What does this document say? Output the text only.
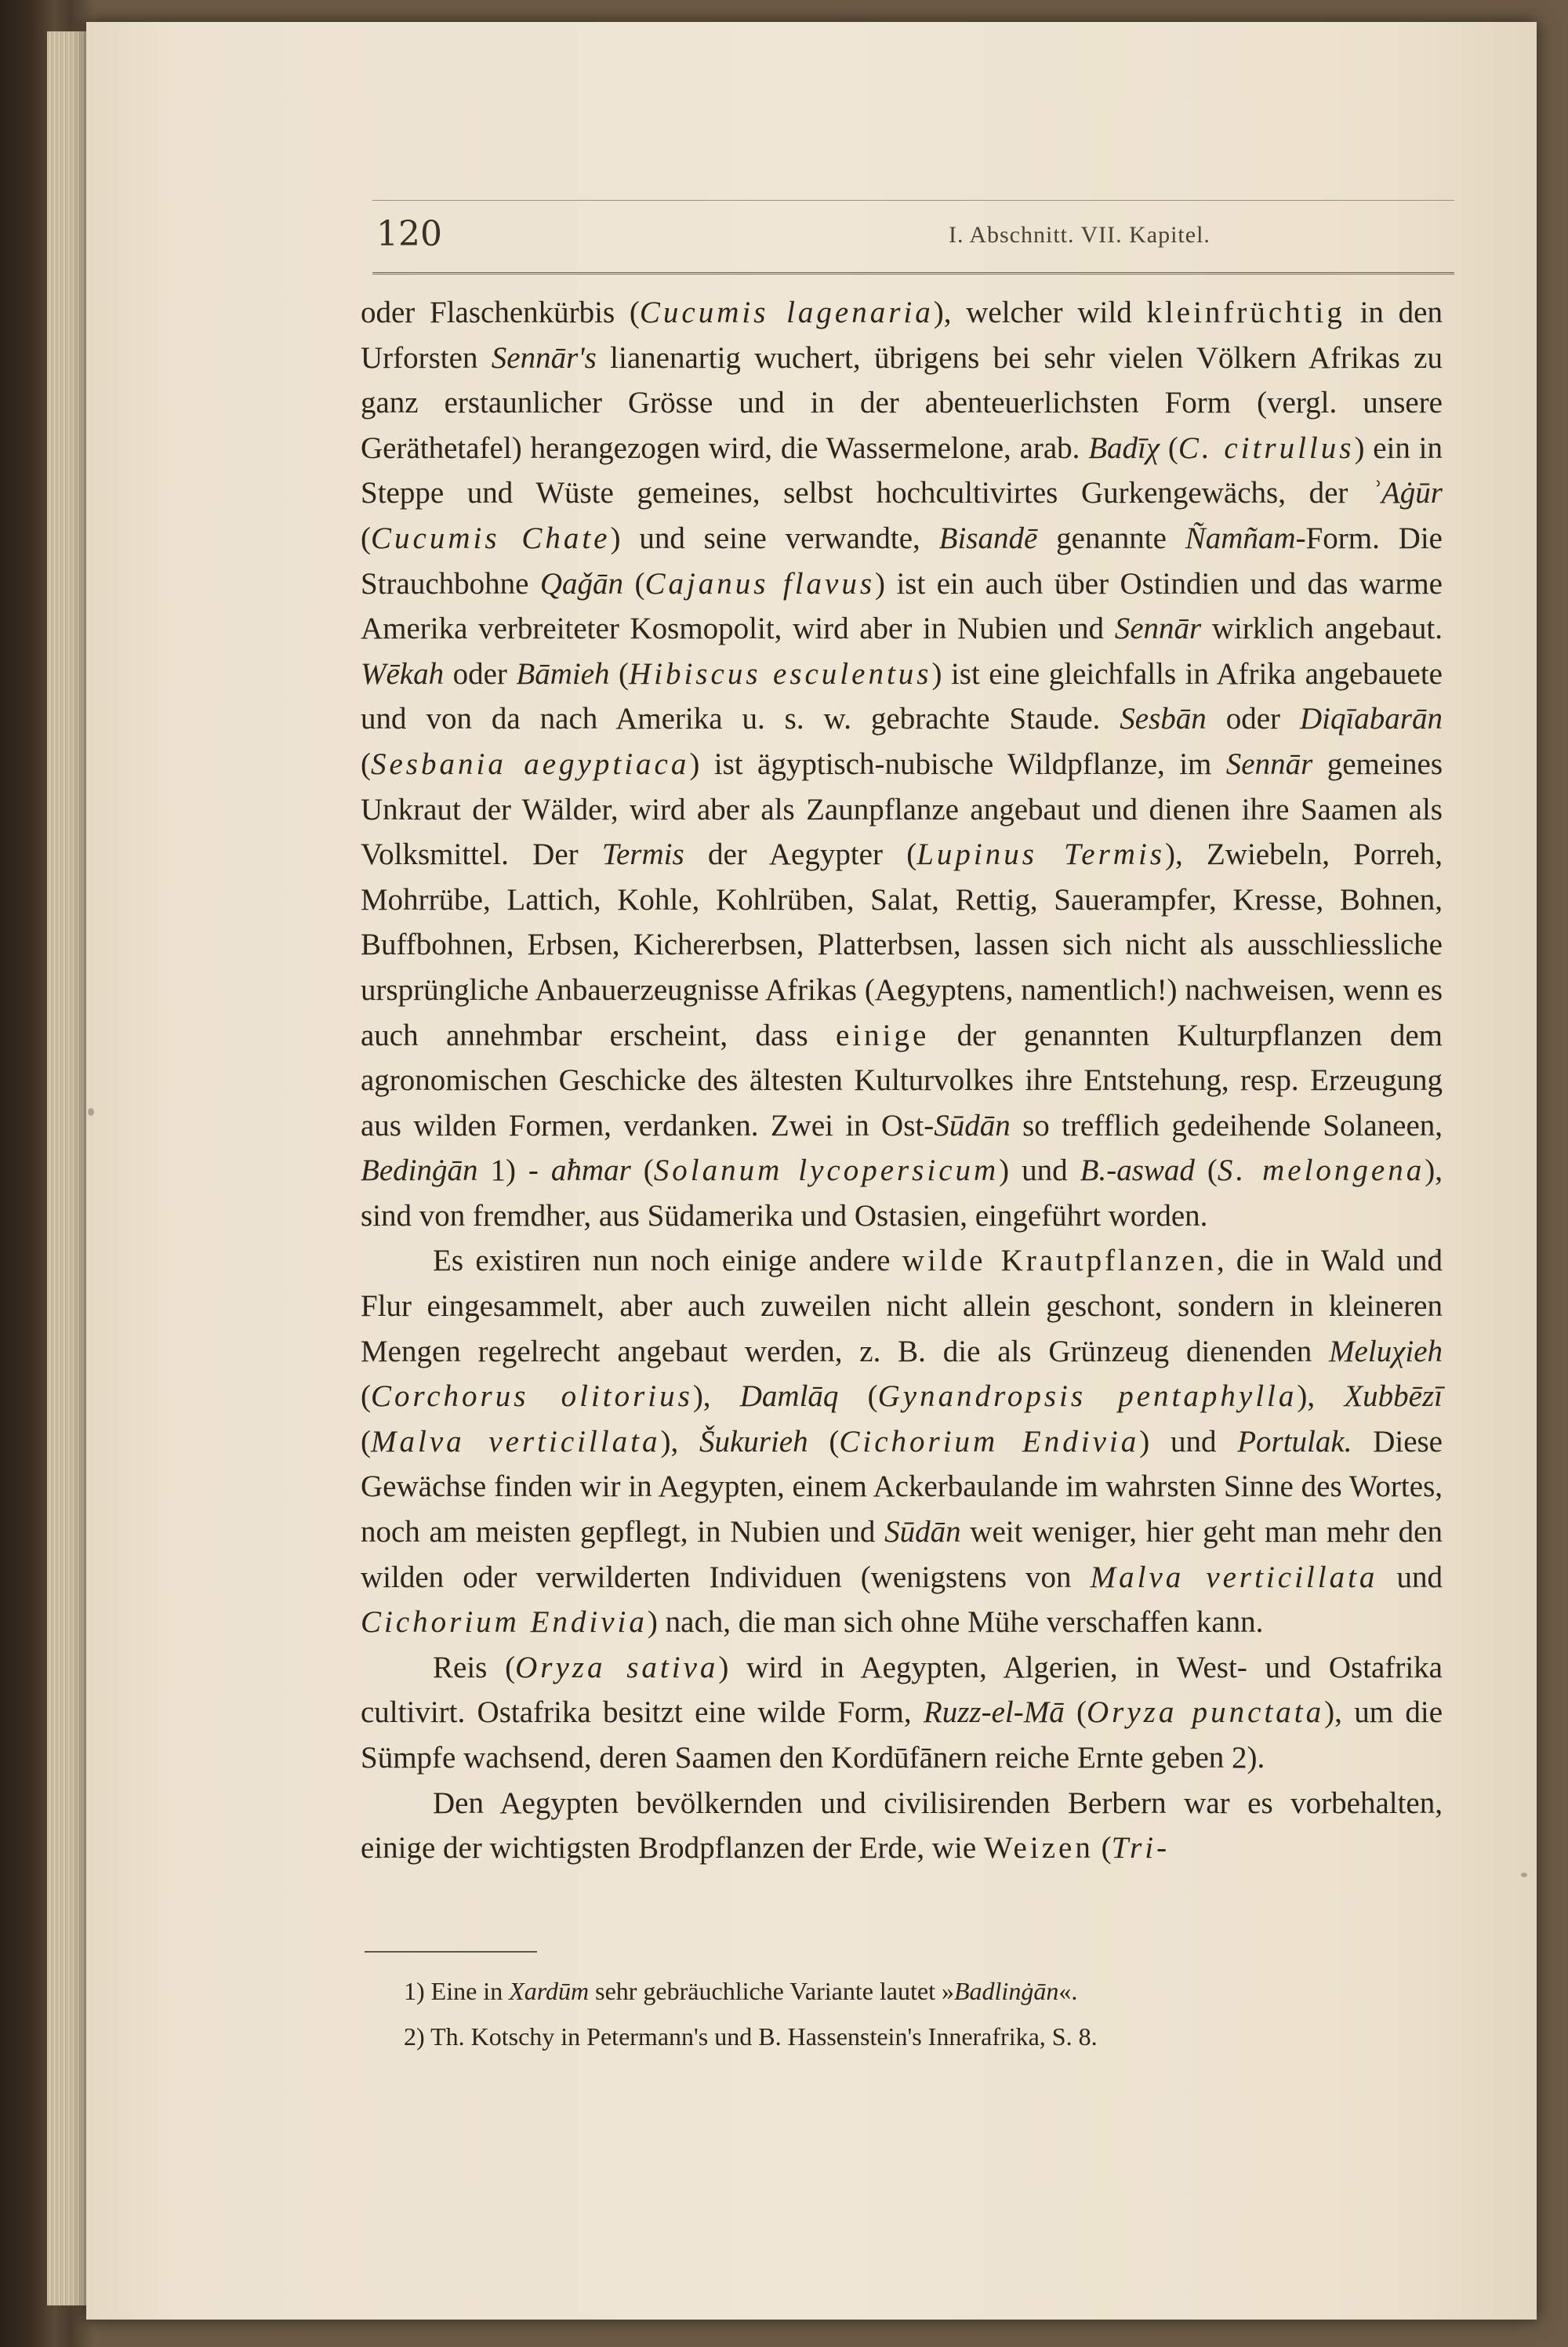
120	I. Abschnitt. VII. Kapitel.

oder Flaschenkürbis (Cucumis lagenaria), welcher wild kleinfrüchtig in den Urforsten Sennār's lianenartig wuchert, übrigens bei sehr vielen Völkern Afrikas zu ganz erstaunlicher Grösse und in der abenteuerlichsten Form (vergl. unsere Geräthetafel) herangezogen wird, die Wassermelone, arab. Badīχ (C. citrullus) ein in Steppe und Wüste gemeines, selbst hochcultivirtes Gurkengewächs, der ʾAġūr (Cucumis Chate) und seine verwandte, Bisandē genannte Ñamñam-Form. Die Strauchbohne Qaǧān (Cajanus flavus) ist ein auch über Ostindien und das warme Amerika verbreiteter Kosmopolit, wird aber in Nubien und Sennār wirklich angebaut. Wēkah oder Bāmieh (Hibiscus esculentus) ist eine gleichfalls in Afrika angebauete und von da nach Amerika u. s. w. gebrachte Staude. Sesbān oder Diqīabarān (Sesbania aegyptiaca) ist ägyptisch-nubische Wildpflanze, im Sennār gemeines Unkraut der Wälder, wird aber als Zaunpflanze angebaut und dienen ihre Saamen als Volksmittel. Der Termis der Aegypter (Lupinus Termis), Zwiebeln, Porreh, Mohrrübe, Lattich, Kohle, Kohlrüben, Salat, Rettig, Sauerampfer, Kresse, Bohnen, Buffbohnen, Erbsen, Kichererbsen, Platterbsen, lassen sich nicht als ausschliessliche ursprüngliche Anbauerzeugnisse Afrikas (Aegyptens, namentlich!) nachweisen, wenn es auch annehmbar erscheint, dass einige der genannten Kulturpflanzen dem agronomischen Geschicke des ältesten Kulturvolkes ihre Entstehung, resp. Erzeugung aus wilden Formen, verdanken. Zwei in Ost-Sūdān so trefflich gedeihende Solaneen, Bedinġān 1) - aħmar (Solanum lycopersicum) und B.-aswad (S. melongena), sind von fremdher, aus Südamerika und Ostasien, eingeführt worden.

Es existiren nun noch einige andere wilde Krautpflanzen, die in Wald und Flur eingesammelt, aber auch zuweilen nicht allein geschont, sondern in kleineren Mengen regelrecht angebaut werden, z. B. die als Grünzeug dienenden Meluχieh (Corchorus olitorius), Damlāq (Gynandropsis pentaphylla), Xubbēzī (Malva verticillata), Šukurieh (Cichorium Endivia) und Portulak. Diese Gewächse finden wir in Aegypten, einem Ackerbaulande im wahrsten Sinne des Wortes, noch am meisten gepflegt, in Nubien und Sūdān weit weniger, hier geht man mehr den wilden oder verwilderten Individuen (wenigstens von Malva verticillata und Cichorium Endivia) nach, die man sich ohne Mühe verschaffen kann.

Reis (Oryza sativa) wird in Aegypten, Algerien, in West- und Ostafrika cultivirt. Ostafrika besitzt eine wilde Form, Ruzz-el-Mā (Oryza punctata), um die Sümpfe wachsend, deren Saamen den Kordūfānern reiche Ernte geben 2).

Den Aegypten bevölkernden und civilisirenden Berbern war es vorbehalten, einige der wichtigsten Brodpflanzen der Erde, wie Weizen (Tri-

1) Eine in Xardūm sehr gebräuchliche Variante lautet »Badlinġān«.

2) Th. Kotschy in Petermann's und B. Hassenstein's Innerafrika, S. 8.
